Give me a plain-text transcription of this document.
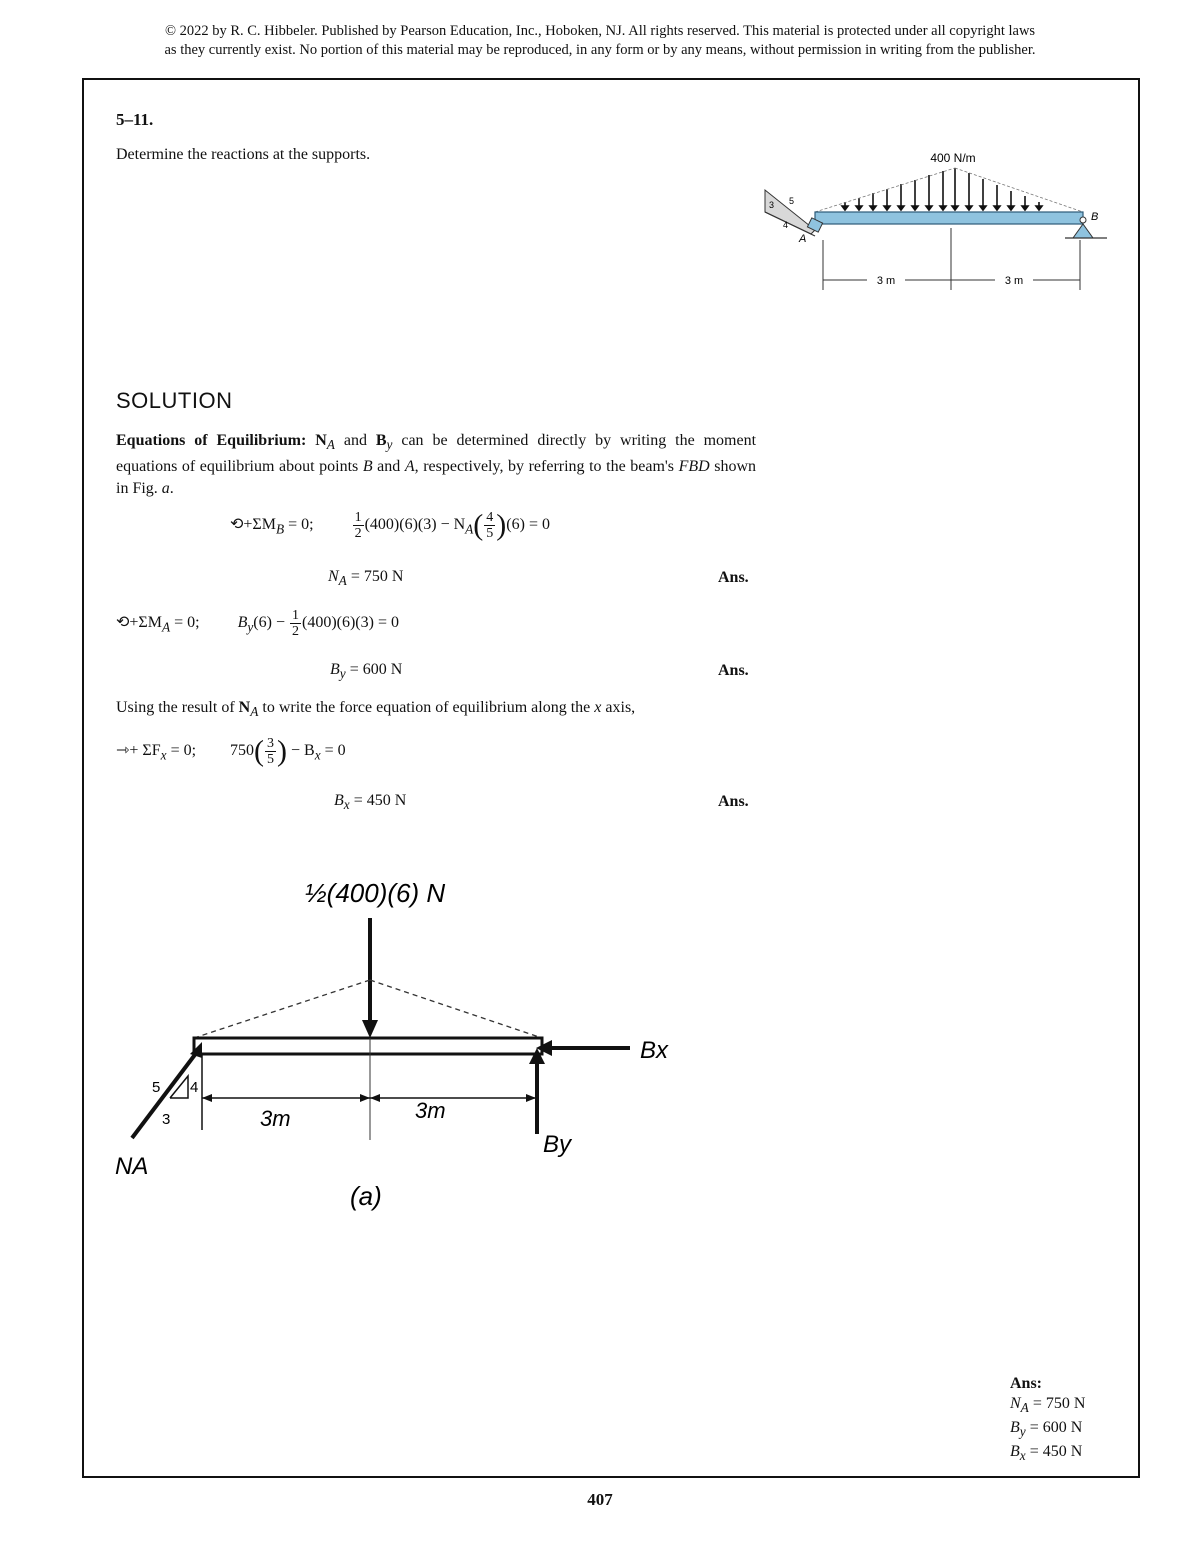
© 2022 by R. C. Hibbeler. Published by Pearson Education, Inc., Hoboken, NJ. All rights reserved. This material is protected under all copyright laws
as they currently exist. No portion of this material may be reproduced, in any form or by any means, without permission in writing from the publisher.
5–11.
Determine the reactions at the supports.	400 N/m
3
4
5
A
B
3 m	3 m
SOLUTION
Equations of Equilibrium: $N_A$ and $B_y$ can be determined directly by writing the moment equations of equilibrium about points B and A, respectively, by referring to the beam's FBD shown in Fig. a.
$⟲+\Sigma M_B = 0$;	$\frac{1}{2} (400)(6)(3) - N_A( \frac{4}{5} )(6) = 0$
$N_A = 750$ N	Ans.
$⟲+\Sigma M_A = 0$; $B_y(6) - \frac{1}{2} (400)(6)(3) = 0$
$B_y = 600$ N	Ans.
Using the result of $N_A$ to write the force equation of equilibrium along the x axis,
⇾+ $\Sigma F_x = 0$; $750( \frac{3}{5}$ ) − $B_x = 0$
$B_x = 450$ N	Ans.
½(400)(6) N
3m	3m
5 4
3
NA
Bx
By
(a)
Ans:
$N_A = 750$ N
$B_y = 600$ N
$B_x = 450$ N
407
